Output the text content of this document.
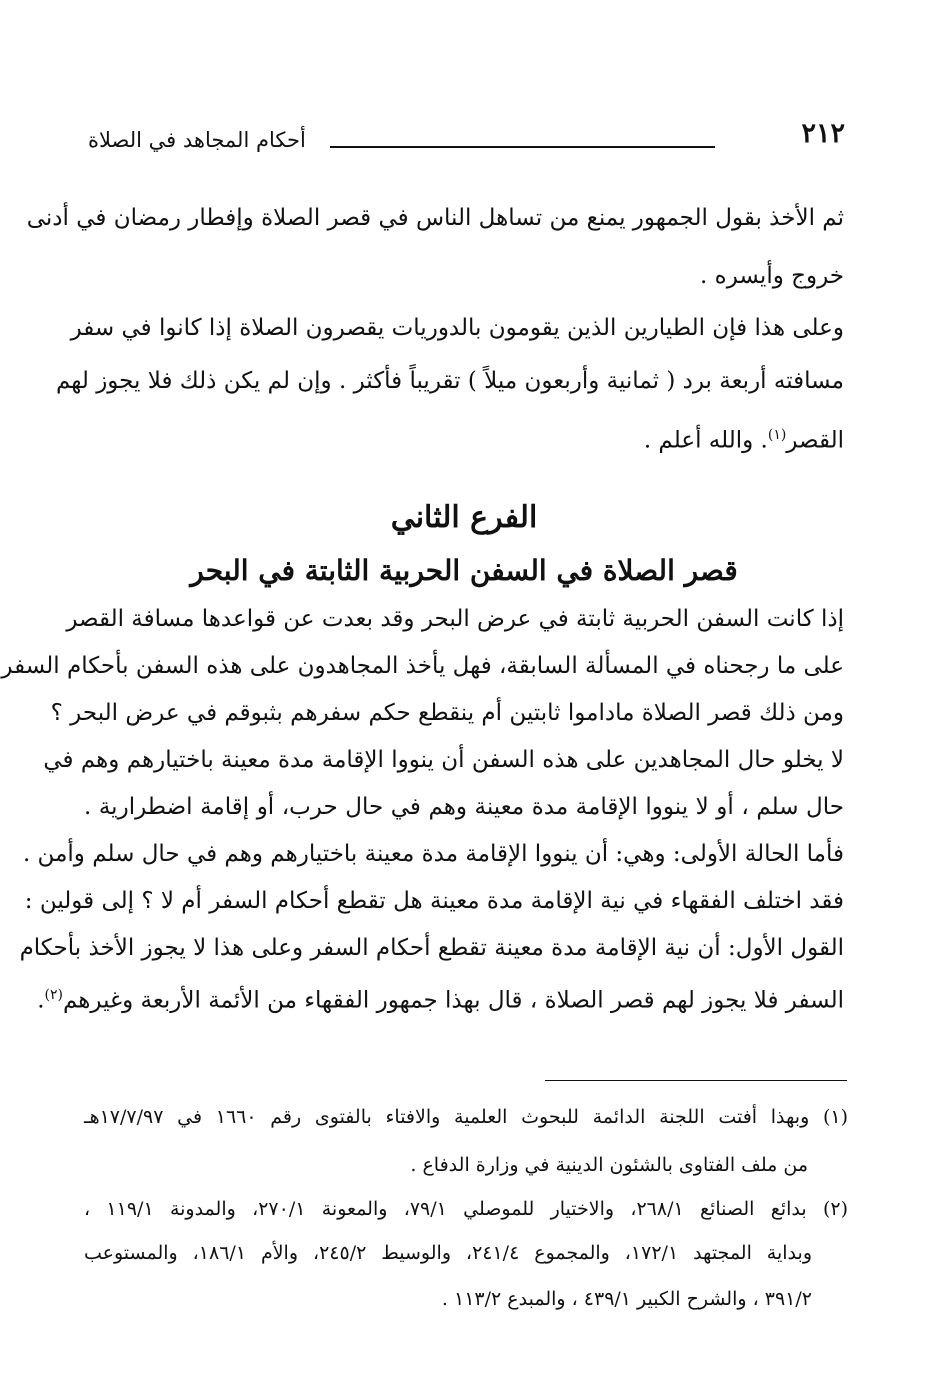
٢١٢
أحكام المجاهد في الصلاة
ثم الأخذ بقول الجمهور يمنع من تساهل الناس في قصر الصلاة وإفطار رمضان في أدنى
خروج وأيسره .
وعلى هذا فإن الطيارين الذين يقومون بالدوريات يقصرون الصلاة إذا كانوا في سفر
مسافته أربعة برد ( ثمانية وأربعون ميلاً ) تقريباً فأكثر . وإن لم يكن ذلك فلا يجوز لهم
القصر$^{(١)}$. والله أعلم .
الفرع الثاني
قصر الصلاة في السفن الحربية الثابتة في البحر
إذا كانت السفن الحربية ثابتة في عرض البحر وقد بعدت عن قواعدها مسافة القصر
على ما رجحناه في المسألة السابقة، فهل يأخذ المجاهدون على هذه السفن بأحكام السفر
ومن ذلك قصر الصلاة ماداموا ثابتين أم ينقطع حكم سفرهم بثبوقم في عرض البحر ؟
لا يخلو حال المجاهدين على هذه السفن أن ينووا الإقامة مدة معينة باختيارهم وهم في
حال سلم ، أو لا ينووا الإقامة مدة معينة وهم في حال حرب، أو إقامة اضطرارية .
فأما الحالة الأولى: وهي: أن ينووا الإقامة مدة معينة باختيارهم وهم في حال سلم وأمن .
فقد اختلف الفقهاء في نية الإقامة مدة معينة هل تقطع أحكام السفر أم لا ؟ إلى قولين :
القول الأول: أن نية الإقامة مدة معينة تقطع أحكام السفر وعلى هذا لا يجوز الأخذ بأحكام
السفر فلا يجوز لهم قصر الصلاة ، قال بهذا جمهور الفقهاء من الأئمة الأربعة وغيرهم$^{(٢)}$.
(١) وبهذا أفتت اللجنة الدائمة للبحوث العلمية والافتاء بالفتوى رقم ١٦٦٠ في ١٧/٧/٩٧هـ
من ملف الفتاوى بالشئون الدينية في وزارة الدفاع .
(٢) بدائع الصنائع ٢٦٨/١، والاختيار للموصلي ٧٩/١، والمعونة ٢٧٠/١، والمدونة ١١٩/١ ،
وبداية المجتهد ١٧٢/١، والمجموع ٢٤١/٤، والوسيط ٢٤٥/٢، والأم ١٨٦/١، والمستوعب
٣٩١/٢ ، والشرح الكبير ٤٣٩/١ ، والمبدع ١١٣/٢ .
